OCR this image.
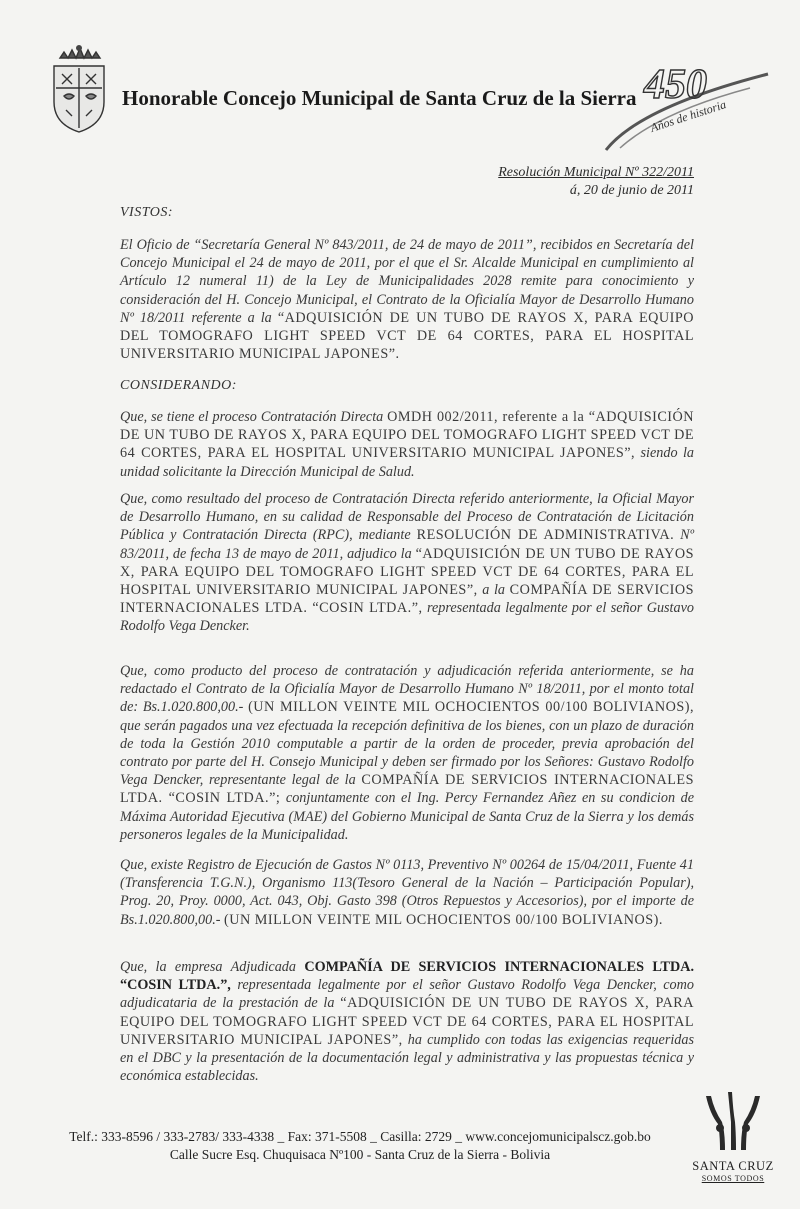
Honorable Concejo Municipal de Santa Cruz de la Sierra 450
Años de historia
Resolución Municipal Nº 322/2011
á, 20 de junio de 2011
VISTOS:
El Oficio de “Secretaría General Nº 843/2011, de 24 de mayo de 2011”, recibidos en Secretaría del Concejo Municipal el 24 de mayo de 2011, por el que el Sr. Alcalde Municipal en cumplimiento al Artículo 12 numeral 11) de la Ley de Municipalidades 2028 remite para conocimiento y consideración del H. Concejo Municipal, el Contrato de la Oficialía Mayor de Desarrollo Humano Nº 18/2011 referente a la “ADQUISICIÓN DE UN TUBO DE RAYOS X, PARA EQUIPO DEL TOMOGRAFO LIGHT SPEED VCT DE 64 CORTES, PARA EL HOSPITAL UNIVERSITARIO MUNICIPAL JAPONES”.
CONSIDERANDO:
Que, se tiene el proceso Contratación Directa OMDH 002/2011, referente a la “ADQUISICIÓN DE UN TUBO DE RAYOS X, PARA EQUIPO DEL TOMOGRAFO LIGHT SPEED VCT DE 64 CORTES, PARA EL HOSPITAL UNIVERSITARIO MUNICIPAL JAPONES”, siendo la unidad solicitante la Dirección Municipal de Salud.
Que, como resultado del proceso de Contratación Directa referido anteriormente, la Oficial Mayor de Desarrollo Humano, en su calidad de Responsable del Proceso de Contratación de Licitación Pública y Contratación Directa (RPC), mediante RESOLUCIÓN DE ADMINISTRATIVA. Nº 83/2011, de fecha 13 de mayo de 2011, adjudico la “ADQUISICIÓN DE UN TUBO DE RAYOS X, PARA EQUIPO DEL TOMOGRAFO LIGHT SPEED VCT DE 64 CORTES, PARA EL HOSPITAL UNIVERSITARIO MUNICIPAL JAPONES”, a la COMPAÑÍA DE SERVICIOS INTERNACIONALES LTDA. “COSIN LTDA.”, representada legalmente por el señor Gustavo Rodolfo Vega Dencker.
Que, como producto del proceso de contratación y adjudicación referida anteriormente, se ha redactado el Contrato de la Oficialía Mayor de Desarrollo Humano Nº 18/2011, por el monto total de: Bs.1.020.800,00.- (UN MILLON VEINTE MIL OCHOCIENTOS 00/100 BOLIVIANOS), que serán pagados una vez efectuada la recepción definitiva de los bienes, con un plazo de duración de toda la Gestión 2010 computable a partir de la orden de proceder, previa aprobación del contrato por parte del H. Consejo Municipal y deben ser firmado por los Señores: Gustavo Rodolfo Vega Dencker, representante legal de la COMPAÑÍA DE SERVICIOS INTERNACIONALES LTDA. “COSIN LTDA.”; conjuntamente con el Ing. Percy Fernandez Añez en su condicion de Máxima Autoridad Ejecutiva (MAE) del Gobierno Municipal de Santa Cruz de la Sierra y los demás personeros legales de la Municipalidad.
Que, existe Registro de Ejecución de Gastos Nº 0113, Preventivo Nº 00264 de 15/04/2011, Fuente 41 (Transferencia T.G.N.), Organismo 113(Tesoro General de la Nación – Participación Popular), Prog. 20, Proy. 0000, Act. 043, Obj. Gasto 398 (Otros Repuestos y Accesorios), por el importe de Bs.1.020.800,00.- (UN MILLON VEINTE MIL OCHOCIENTOS 00/100 BOLIVIANOS).
Que, la empresa Adjudicada COMPAÑÍA DE SERVICIOS INTERNACIONALES LTDA. “COSIN LTDA.”, representada legalmente por el señor Gustavo Rodolfo Vega Dencker, como adjudicataria de la prestación de la “ADQUISICIÓN DE UN TUBO DE RAYOS X, PARA EQUIPO DEL TOMOGRAFO LIGHT SPEED VCT DE 64 CORTES, PARA EL HOSPITAL UNIVERSITARIO MUNICIPAL JAPONES”, ha cumplido con todas las exigencias requeridas en el DBC y la presentación de la documentación legal y administrativa y las propuestas técnica y económica establecidas.
Telf.: 333-8596 / 333-2783/ 333-4338 _ Fax: 371-5508 _ Casilla: 2729 _ www.concejomunicipalscz.gob.bo
Calle Sucre Esq. Chuquisaca Nº100 - Santa Cruz de la Sierra - Bolivia
SANTA CRUZ
SOMOS TODOS
